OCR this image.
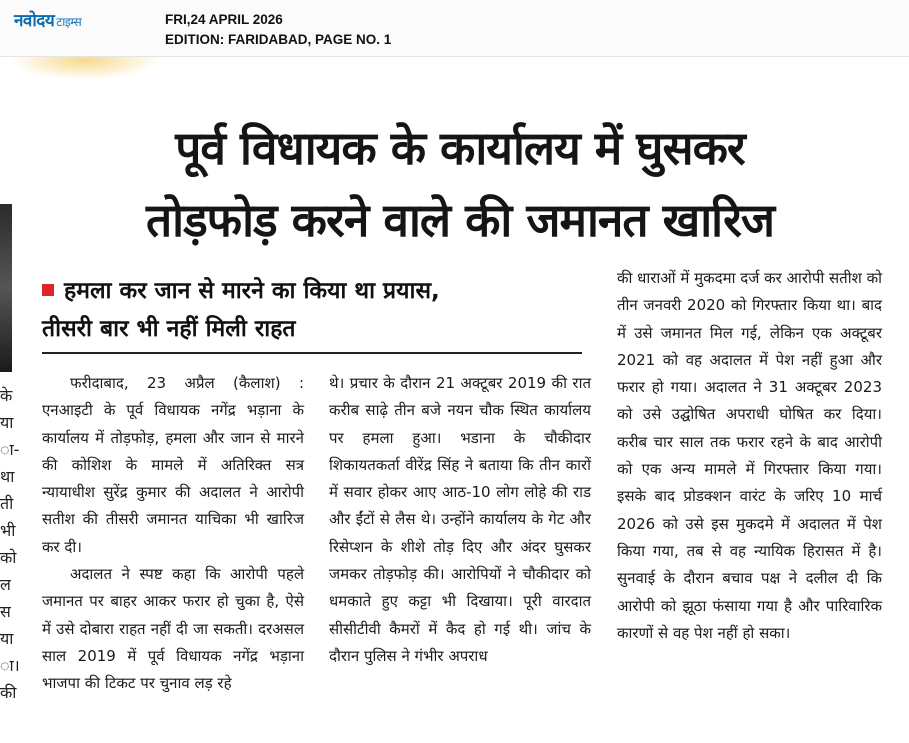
नवोदय टाइम्स	FRI,24 APRIL 2026
EDITION: FARIDABAD, PAGE NO. 1
पूर्व विधायक के कार्यालय में घुसकर
तोड़फोड़ करने वाले की जमानत खारिज
के
या
ा-
था
ती
भी
को
ल
स
या
ा।
की
हमला कर जान से मारने का किया था प्रयास,
तीसरी बार भी नहीं मिली राहत

फरीदाबाद, 23 अप्रैल (कैलाश) : एनआइटी के पूर्व विधायक नगेंद्र भड़ाना के कार्यालय में तोड़फोड़, हमला और जान से मारने की कोशिश के मामले में अतिरिक्त सत्र न्यायाधीश सुरेंद्र कुमार की अदालत ने आरोपी सतीश की तीसरी जमानत याचिका भी खारिज कर दी।

अदालत ने स्पष्ट कहा कि आरोपी पहले जमानत पर बाहर आकर फरार हो चुका है, ऐसे में उसे दोबारा राहत नहीं दी जा सकती। दरअसल साल 2019 में पूर्व विधायक नगेंद्र भड़ाना भाजपा की टिकट पर चुनाव लड़ रहे

थे। प्रचार के दौरान 21 अक्टूबर 2019 की रात करीब साढ़े तीन बजे नयन चौक स्थित कार्यालय पर हमला हुआ। भडाना के चौकीदार शिकायतकर्ता वीरेंद्र सिंह ने बताया कि तीन कारों में सवार होकर आए आठ-10 लोग लोहे की राड और ईंटों से लैस थे। उन्होंने कार्यालय के गेट और रिसेप्शन के शीशे तोड़ दिए और अंदर घुसकर जमकर तोड़फोड़ की। आरोपियों ने चौकीदार को धमकाते हुए कट्टा भी दिखाया। पूरी वारदात सीसीटीवी कैमरों में कैद हो गई थी। जांच के दौरान पुलिस ने गंभीर अपराध

की धाराओं में मुकदमा दर्ज कर आरोपी सतीश को तीन जनवरी 2020 को गिरफ्तार किया था। बाद में उसे जमानत मिल गई, लेकिन एक अक्टूबर 2021 को वह अदालत में पेश नहीं हुआ और फरार हो गया। अदालत ने 31 अक्टूबर 2023 को उसे उद्घोषित अपराधी घोषित कर दिया। करीब चार साल तक फरार रहने के बाद आरोपी को एक अन्य मामले में गिरफ्तार किया गया। इसके बाद प्रोडक्शन वारंट के जरिए 10 मार्च 2026 को उसे इस मुकदमे में अदालत में पेश किया गया, तब से वह न्यायिक हिरासत में है। सुनवाई के दौरान बचाव पक्ष ने दलील दी कि आरोपी को झूठा फंसाया गया है और पारिवारिक कारणों से वह पेश नहीं हो सका।
